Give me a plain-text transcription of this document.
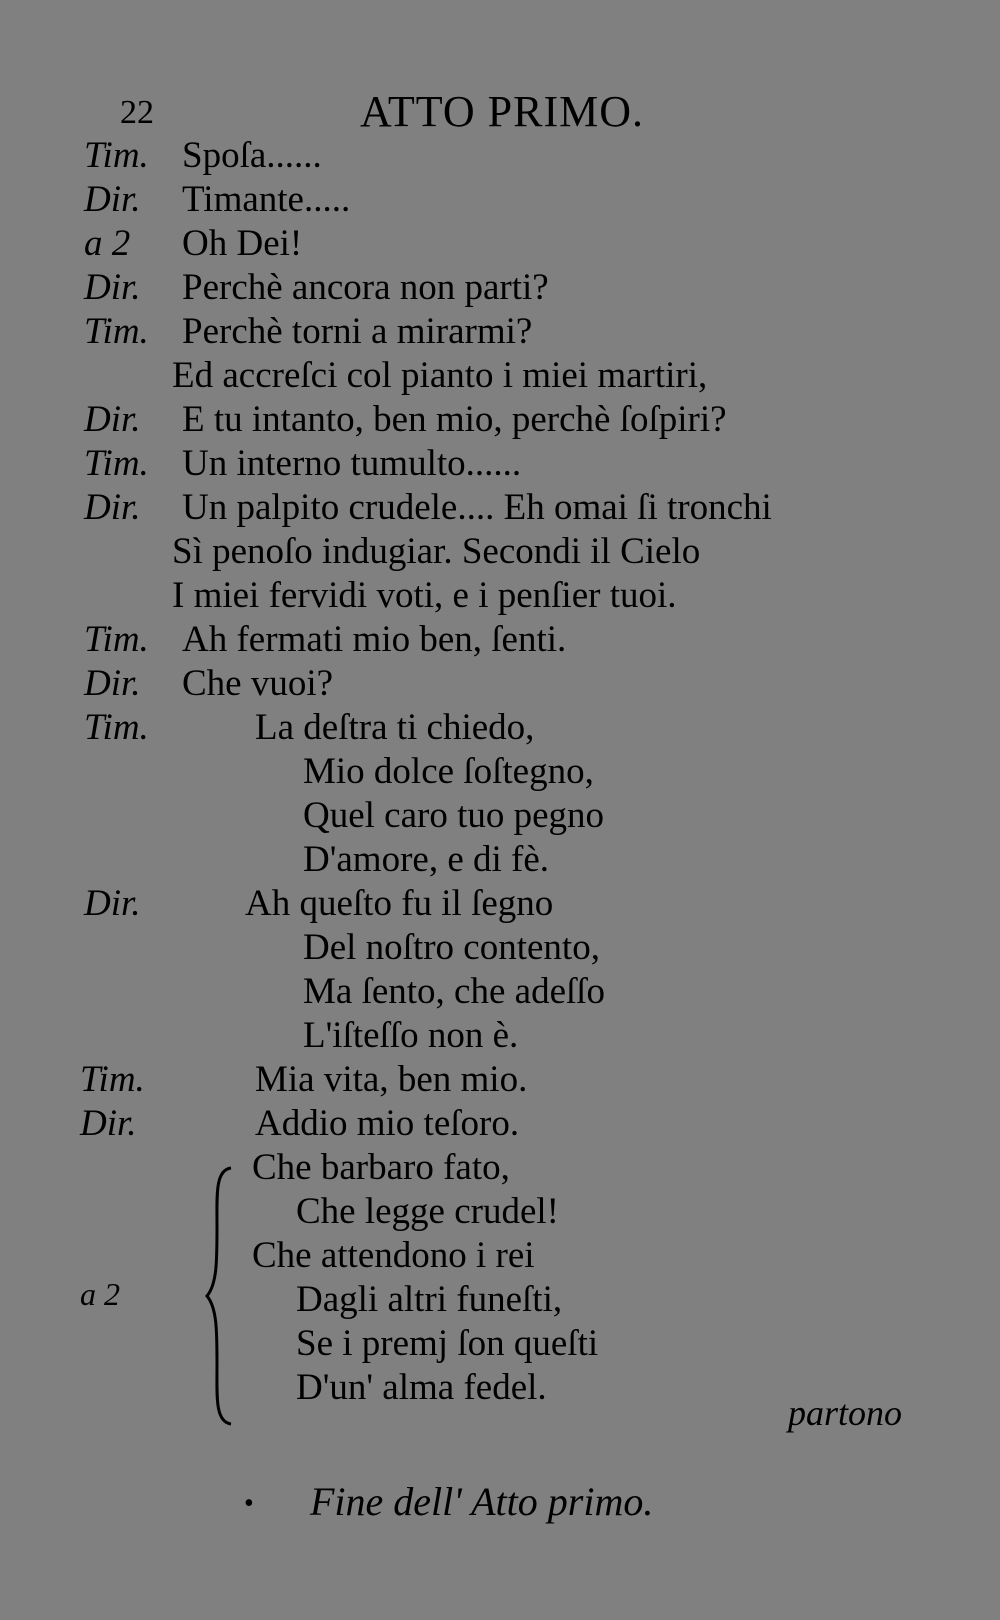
22	ATTO PRIMO.
Tim. Spoſa......
Dir. Timante.....
a 2 Oh Dei!
Dir. Perchè ancora non parti?
Tim. Perchè torni a mirarmi?
Ed accreſci col pianto i miei martiri,
Dir. E tu intanto, ben mio, perchè ſoſpiri?
Tim. Un interno tumulto......
Dir. Un palpito crudele.... Eh omai ſi tronchi
Sì penoſo indugiar. Secondi il Cielo
I miei fervidi voti, e i penſier tuoi.
Tim. Ah fermati mio ben, ſenti.
Dir. Che vuoi?
Tim.	La deſtra ti chiedo,
Mio dolce ſoſtegno,
Quel caro tuo pegno
D'amore, e di fè.
Dir.	Ah queſto fu il ſegno
Del noſtro contento,
Ma ſento, che adeſſo
L'iſteſſo non è.
Tim.	Mia vita, ben mio.
Dir.	Addio mio teſoro.
a 2
Che barbaro fato,
Che legge crudel!
Che attendono i rei
Dagli altri funeſti,
Se i premj ſon queſti
D'un' alma fedel.
partono
• Fine dell' Atto primo.
